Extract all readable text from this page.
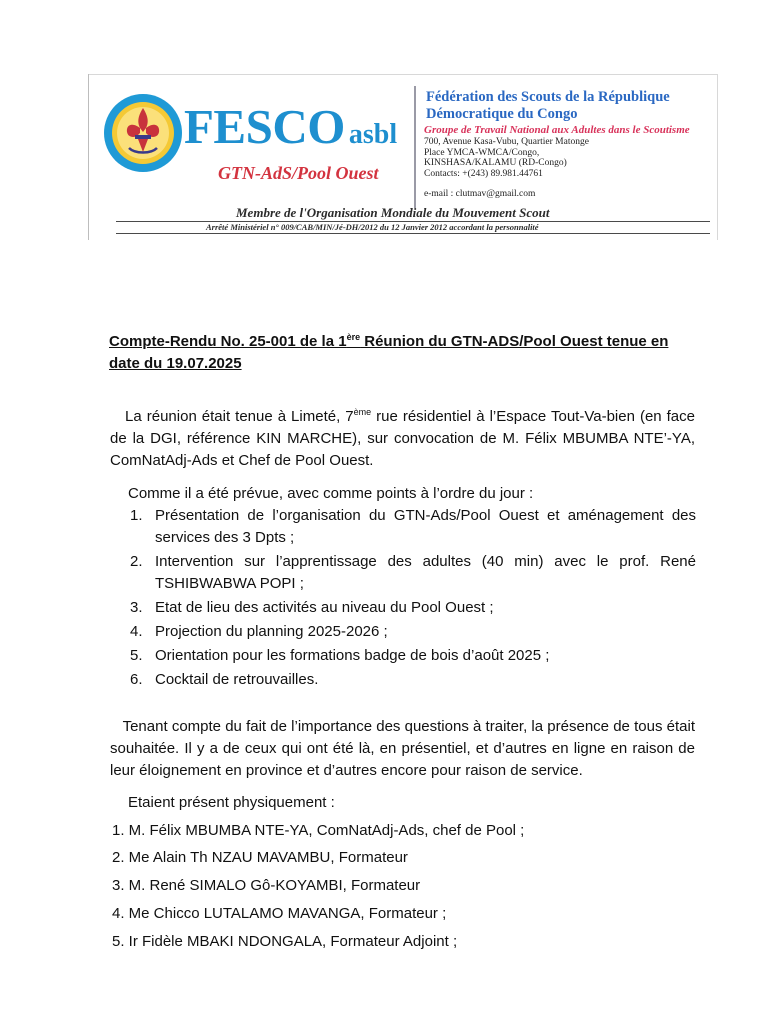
FESCO asbl
GTN-AdS/Pool Ouest
Fédération des Scouts de la République
Démocratique du Congo
Groupe de Travail National aux Adultes dans le Scoutisme
700, Avenue Kasa-Vubu, Quartier Matonge
Place YMCA-WMCA/Congo,
KINSHASA/KALAMU (RD-Congo)
Contacts: +(243) 89.981.44761
e-mail : clutmav@gmail.com
Membre de l'Organisation Mondiale du Mouvement Scout
Arrêté Ministériel n° 009/CAB/MIN/Jé-DH/2012 du 12 Janvier 2012 accordant la personnalité
Compte-Rendu No. 25-001 de la 1ère Réunion du GTN-ADS/Pool Ouest tenue en date du 19.07.2025

La réunion était tenue à Limeté, 7ème rue résidentiel à l’Espace Tout-Va-bien (en face de la DGI, référence KIN MARCHE), sur convocation de M. Félix MBUMBA NTE’-YA, ComNatAdj-Ads et Chef de Pool Ouest.

Comme il a été prévue, avec comme points à l’ordre du jour :
1. Présentation de l’organisation du GTN-Ads/Pool Ouest et aménagement des services des 3 Dpts ;
2. Intervention sur l’apprentissage des adultes (40 min) avec le prof. René TSHIBWABWA POPI ;
3. Etat de lieu des activités au niveau du Pool Ouest ;
4. Projection du planning 2025-2026 ;
5. Orientation pour les formations badge de bois d’août 2025 ;
6. Cocktail de retrouvailles.

Tenant compte du fait de l’importance des questions à traiter, la présence de tous était souhaitée. Il y a de ceux qui ont été là, en présentiel, et d’autres en ligne en raison de leur éloignement en province et d’autres encore pour raison de service.

Etaient présent physiquement :
1. M. Félix MBUMBA NTE-YA, ComNatAdj-Ads, chef de Pool ;
2. Me Alain Th NZAU MAVAMBU, Formateur
3. M. René SIMALO Gô-KOYAMBI, Formateur
4. Me Chicco LUTALAMO MAVANGA, Formateur ;
5. Ir Fidèle MBAKI NDONGALA, Formateur Adjoint ;
